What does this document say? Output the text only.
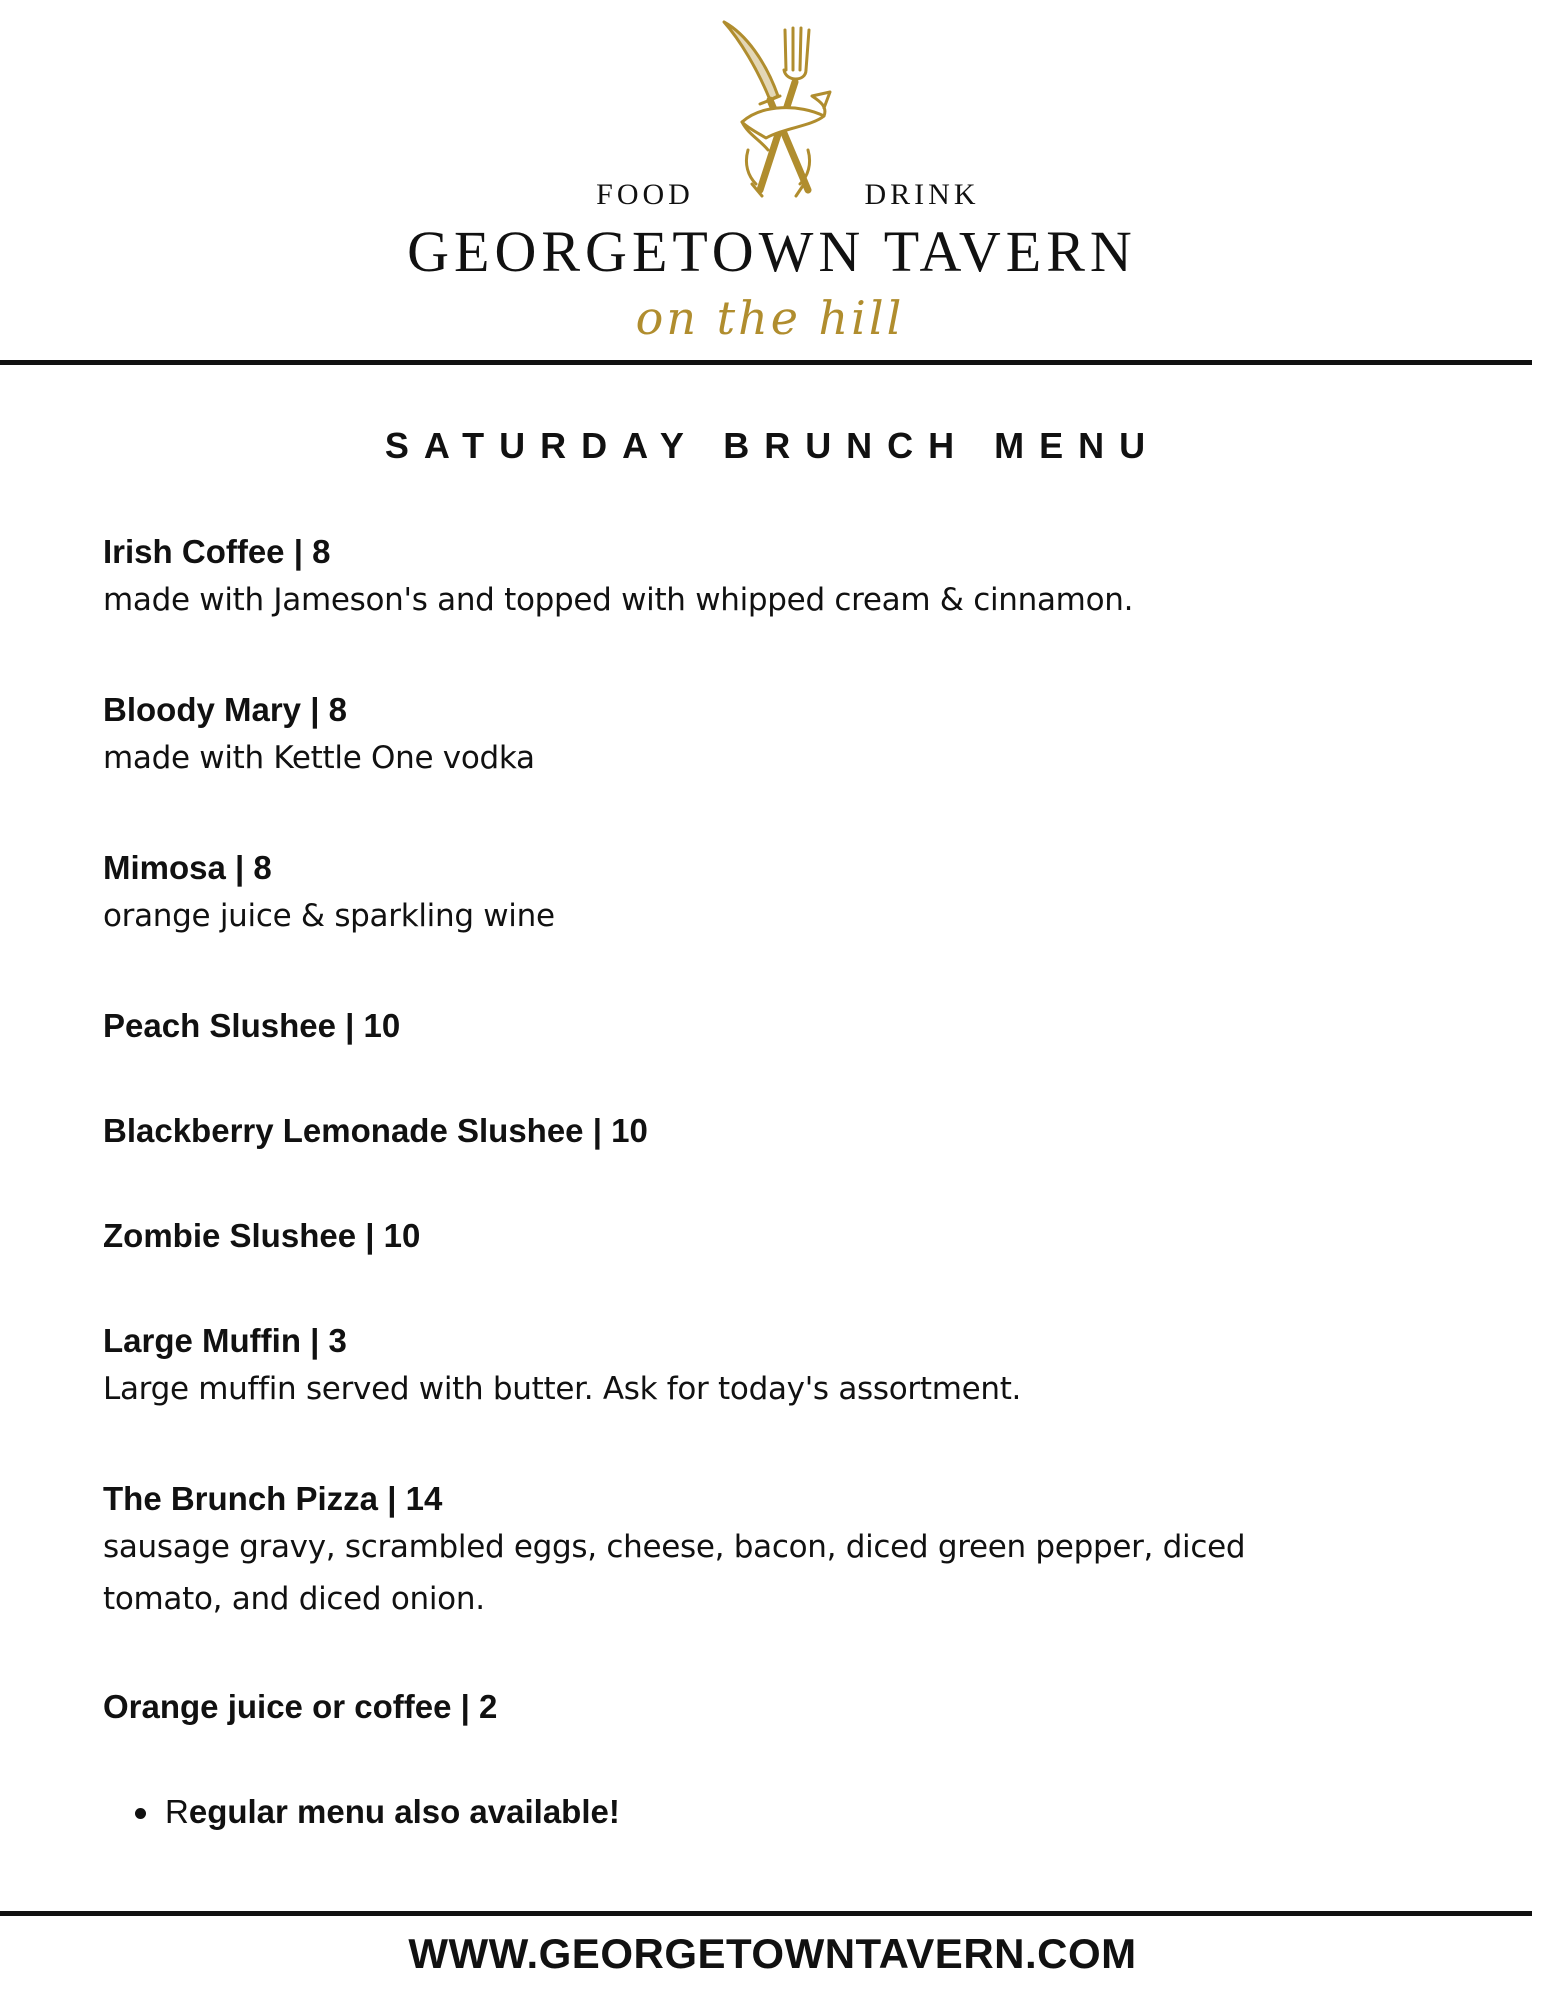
FOOD	DRINK
GEORGETOWN TAVERN
on the hill
SATURDAY BRUNCH MENU

Irish Coffee | 8

made with Jameson's and topped with whipped cream & cinnamon.

Bloody Mary | 8

made with Kettle One vodka

Mimosa | 8

orange juice & sparkling wine

Peach Slushee | 10

Blackberry Lemonade Slushee | 10

Zombie Slushee | 10

Large Muffin | 3

Large muffin served with butter. Ask for today's assortment.

The Brunch Pizza | 14

sausage gravy, scrambled eggs, cheese, bacon, diced green pepper, diced

tomato, and diced onion.

Orange juice or coffee | 2

Regular menu also available!

WWW.GEORGETOWNTAVERN.COM
